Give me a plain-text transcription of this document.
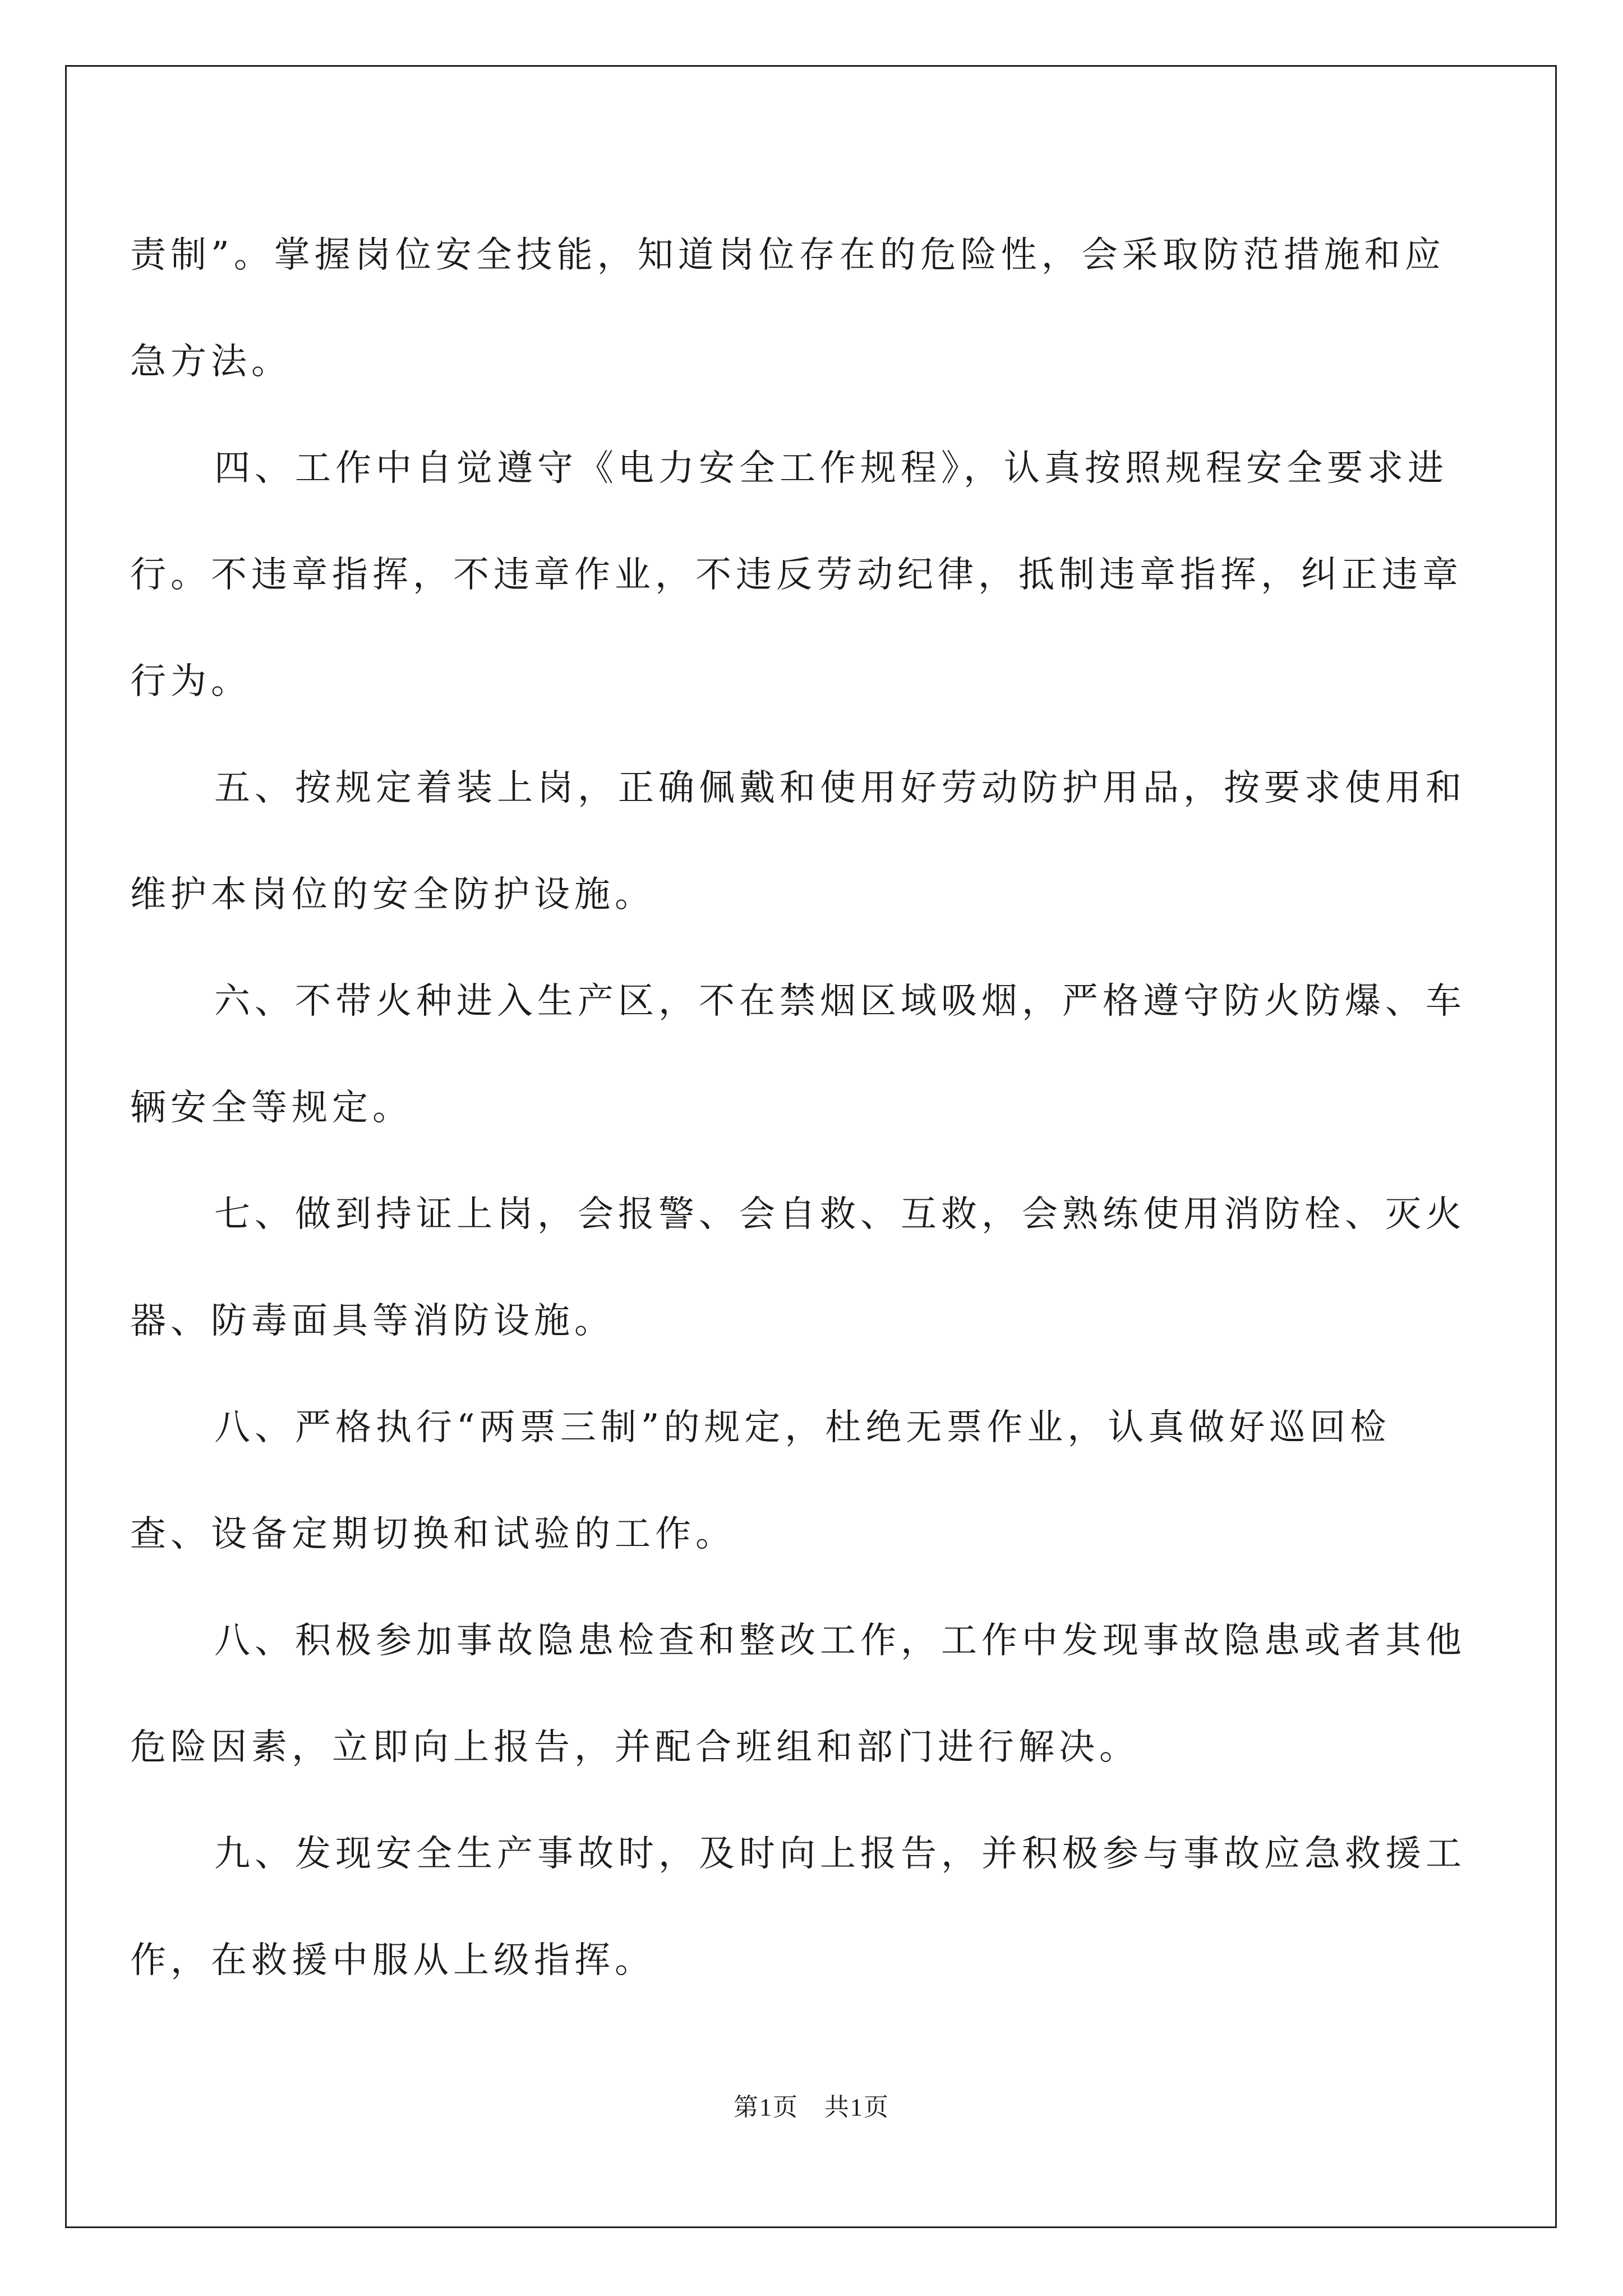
责制”。掌握岗位安全技能，知道岗位存在的危险性，会采取防范措施和应急方法。

四、工作中自觉遵守《电力安全工作规程》，认真按照规程安全要求进行。不违章指挥，不违章作业，不违反劳动纪律，抵制违章指挥，纠正违章行为。

五、按规定着装上岗，正确佩戴和使用好劳动防护用品，按要求使用和维护本岗位的安全防护设施。

六、不带火种进入生产区，不在禁烟区域吸烟，严格遵守防火防爆、车辆安全等规定。

七、做到持证上岗，会报警、会自救、互救，会熟练使用消防栓、灭火器、防毒面具等消防设施。

八、严格执行“两票三制”的规定，杜绝无票作业，认真做好巡回检查、设备定期切换和试验的工作。

八、积极参加事故隐患检查和整改工作，工作中发现事故隐患或者其他危险因素，立即向上报告，并配合班组和部门进行解决。

九、发现安全生产事故时，及时向上报告，并积极参与事故应急救援工作，在救援中服从上级指挥。

第1页　共1页
